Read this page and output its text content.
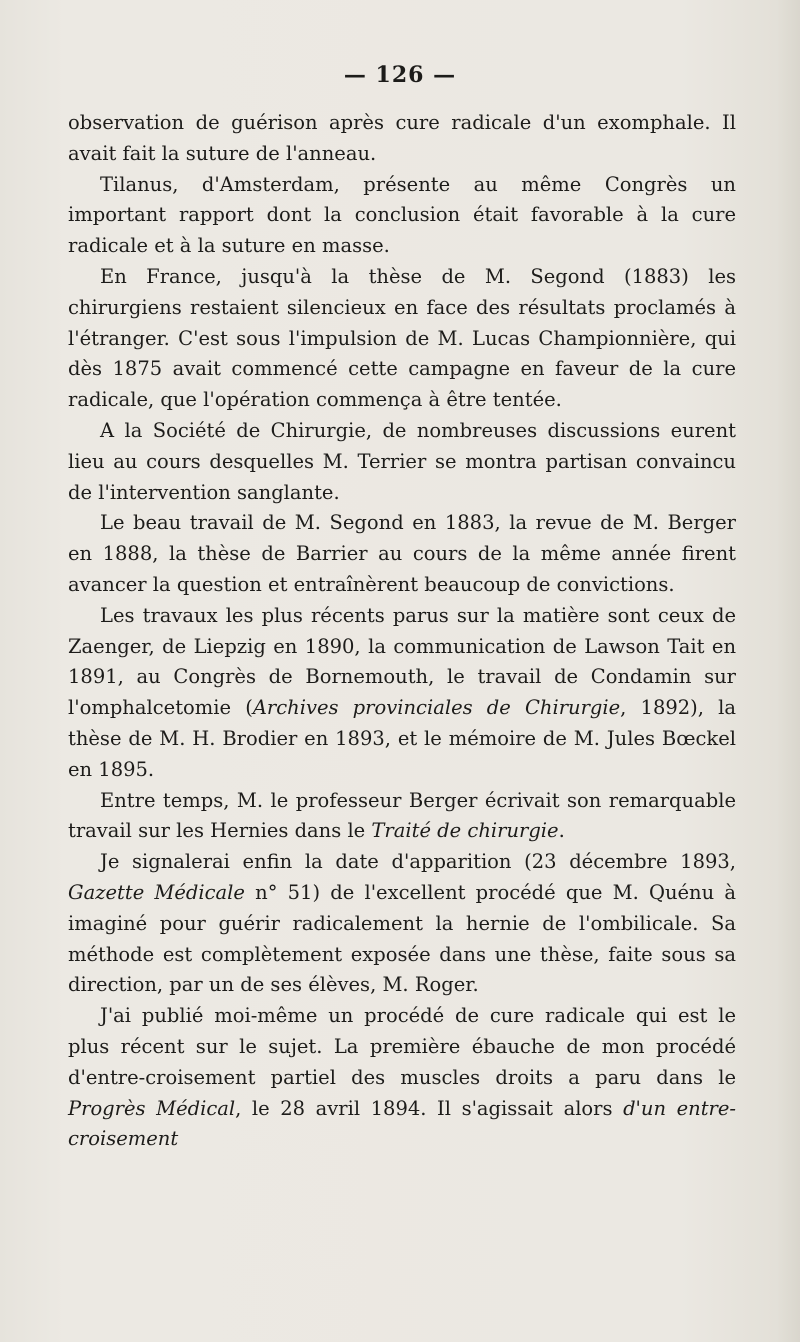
— 126 —

observation de guérison après cure radicale d'un exomphale. Il avait fait la suture de l'anneau.

Tilanus, d'Amsterdam, présente au même Congrès un important rapport dont la conclusion était favorable à la cure radicale et à la suture en masse.

En France, jusqu'à la thèse de M. Segond (1883) les chirurgiens restaient silencieux en face des résultats proclamés à l'étranger. C'est sous l'impulsion de M. Lucas Championnière, qui dès 1875 avait commencé cette campagne en faveur de la cure radicale, que l'opération commença à être tentée.

A la Société de Chirurgie, de nombreuses discussions eurent lieu au cours desquelles M. Terrier se montra partisan convaincu de l'intervention sanglante.

Le beau travail de M. Segond en 1883, la revue de M. Berger en 1888, la thèse de Barrier au cours de la même année firent avancer la question et entraînèrent beaucoup de convictions.

Les travaux les plus récents parus sur la matière sont ceux de Zaenger, de Liepzig en 1890, la communication de Lawson Tait en 1891, au Congrès de Bornemouth, le travail de Condamin sur l'omphalcetomie (Archives provinciales de Chirurgie, 1892), la thèse de M. H. Brodier en 1893, et le mémoire de M. Jules Bœckel en 1895.

Entre temps, M. le professeur Berger écrivait son remarquable travail sur les Hernies dans le Traité de chirurgie.

Je signalerai enfin la date d'apparition (23 décembre 1893, Gazette Médicale n° 51) de l'excellent procédé que M. Quénu à imaginé pour guérir radicalement la hernie de l'ombilicale. Sa méthode est complètement exposée dans une thèse, faite sous sa direction, par un de ses élèves, M. Roger.

J'ai publié moi-même un procédé de cure radicale qui est le plus récent sur le sujet. La première ébauche de mon procédé d'entre-croisement partiel des muscles droits a paru dans le Progrès Médical, le 28 avril 1894. Il s'agissait alors d'un entre-croisement
